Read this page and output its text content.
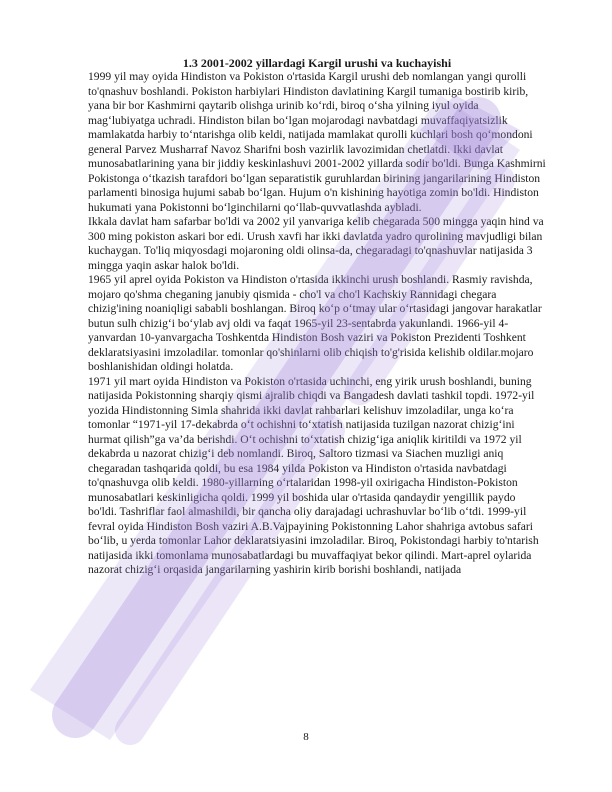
1.3 2001-2002 yillardagi Kargil urushi va kuchayishi

1999 yil may oyida Hindiston va Pokiston o'rtasida Kargil urushi deb nomlangan yangi qurolli to'qnashuv boshlandi. Pokiston harbiylari Hindiston davlatining Kargil tumaniga bostirib kirib, yana bir bor Kashmirni qaytarib olishga urinib ko‘rdi, biroq o‘sha yilning iyul oyida mag‘lubiyatga uchradi. Hindiston bilan bo‘lgan mojarodagi navbatdagi muvaffaqiyatsizlik mamlakatda harbiy to‘ntarishga olib keldi, natijada mamlakat qurolli kuchlari bosh qo‘mondoni general Parvez Musharraf Navoz Sharifni bosh vazirlik lavozimidan chetlatdi. Ikki davlat munosabatlarining yana bir jiddiy keskinlashuvi 2001-2002 yillarda sodir bo'ldi. Bunga Kashmirni Pokistonga o‘tkazish tarafdori bo‘lgan separatistik guruhlardan birining jangarilarining Hindiston parlamenti binosiga hujumi sabab bo‘lgan. Hujum o'n kishining hayotiga zomin bo'ldi. Hindiston hukumati yana Pokistonni bo‘lginchilarni qo‘llab-quvvatlashda aybladi.

Ikkala davlat ham safarbar bo'ldi va 2002 yil yanvariga kelib chegarada 500 mingga yaqin hind va 300 ming pokiston askari bor edi. Urush xavfi har ikki davlatda yadro qurolining mavjudligi bilan kuchaygan. To'liq miqyosdagi mojaroning oldi olinsa-da, chegaradagi to'qnashuvlar natijasida 3 mingga yaqin askar halok bo'ldi.

1965 yil aprel oyida Pokiston va Hindiston o'rtasida ikkinchi urush boshlandi. Rasmiy ravishda, mojaro qo'shma cheganing janubiy qismida - cho'l va cho'l Kachskiy Rannidagi chegara chizig'ining noaniqligi sababli boshlangan. Biroq ko‘p o‘tmay ular o‘rtasidagi jangovar harakatlar butun sulh chizig‘i bo‘ylab avj oldi va faqat 1965-yil 23-sentabrda yakunlandi. 1966-yil 4-yanvardan 10-yanvargacha Toshkentda Hindiston Bosh vaziri va Pokiston Prezidenti Toshkent deklaratsiyasini imzoladilar. tomonlar qo'shinlarni olib chiqish to'g'risida kelishib oldilar.mojaro boshlanishidan oldingi holatda.

1971 yil mart oyida Hindiston va Pokiston o'rtasida uchinchi, eng yirik urush boshlandi, buning natijasida Pokistonning sharqiy qismi ajralib chiqdi va Bangadesh davlati tashkil topdi. 1972-yil yozida Hindistonning Simla shahrida ikki davlat rahbarlari kelishuv imzoladilar, unga ko‘ra tomonlar “1971-yil 17-dekabrda o‘t ochishni to‘xtatish natijasida tuzilgan nazorat chizig‘ini hurmat qilish”ga va’da berishdi. O‘t ochishni to‘xtatish chizig‘iga aniqlik kiritildi va 1972 yil dekabrda u nazorat chizig‘i deb nomlandi. Biroq, Saltoro tizmasi va Siachen muzligi aniq chegaradan tashqarida qoldi, bu esa 1984 yilda Pokiston va Hindiston o'rtasida navbatdagi to'qnashuvga olib keldi. 1980-yillarning o‘rtalaridan 1998-yil oxirigacha Hindiston-Pokiston munosabatlari keskinligicha qoldi. 1999 yil boshida ular o'rtasida qandaydir yengillik paydo bo'ldi. Tashriflar faol almashildi, bir qancha oliy darajadagi uchrashuvlar bo‘lib o‘tdi. 1999-yil fevral oyida Hindiston Bosh vaziri A.B.Vajpayining Pokistonning Lahor shahriga avtobus safari bo‘lib, u yerda tomonlar Lahor deklaratsiyasini imzoladilar. Biroq, Pokistondagi harbiy to'ntarish natijasida ikki tomonlama munosabatlardagi bu muvaffaqiyat bekor qilindi. Mart-aprel oylarida nazorat chizig‘i orqasida jangarilarning yashirin kirib borishi boshlandi, natijada

8
